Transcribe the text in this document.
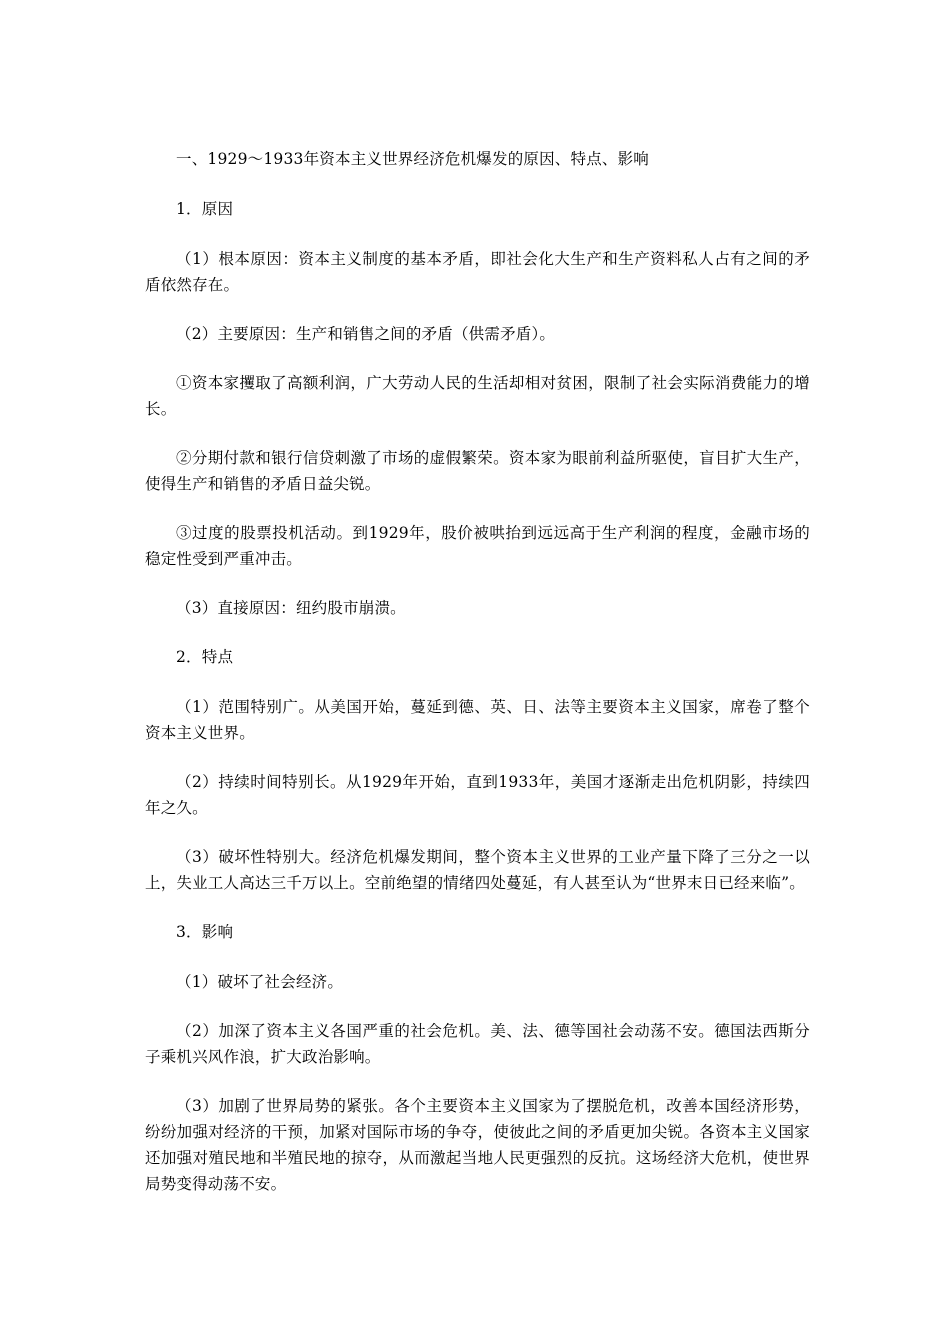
一、1929～1933年资本主义世界经济危机爆发的原因、特点、影响

1．原因

（1）根本原因：资本主义制度的基本矛盾，即社会化大生产和生产资料私人占有之间的矛盾依然存在。

（2）主要原因：生产和销售之间的矛盾（供需矛盾）。

①资本家攫取了高额利润，广大劳动人民的生活却相对贫困，限制了社会实际消费能力的增长。

②分期付款和银行信贷刺激了市场的虚假繁荣。资本家为眼前利益所驱使，盲目扩大生产，使得生产和销售的矛盾日益尖锐。

③过度的股票投机活动。到1929年，股价被哄抬到远远高于生产利润的程度，金融市场的稳定性受到严重冲击。

（3）直接原因：纽约股市崩溃。

2．特点

（1）范围特别广。从美国开始，蔓延到德、英、日、法等主要资本主义国家，席卷了整个资本主义世界。

（2）持续时间特别长。从1929年开始，直到1933年，美国才逐渐走出危机阴影，持续四年之久。

（3）破坏性特别大。经济危机爆发期间，整个资本主义世界的工业产量下降了三分之一以上，失业工人高达三千万以上。空前绝望的情绪四处蔓延，有人甚至认为“世界末日已经来临”。

3．影响

（1）破坏了社会经济。

（2）加深了资本主义各国严重的社会危机。美、法、德等国社会动荡不安。德国法西斯分子乘机兴风作浪，扩大政治影响。

（3）加剧了世界局势的紧张。各个主要资本主义国家为了摆脱危机，改善本国经济形势，纷纷加强对经济的干预，加紧对国际市场的争夺，使彼此之间的矛盾更加尖锐。各资本主义国家还加强对殖民地和半殖民地的掠夺，从而激起当地人民更强烈的反抗。这场经济大危机，使世界局势变得动荡不安。
